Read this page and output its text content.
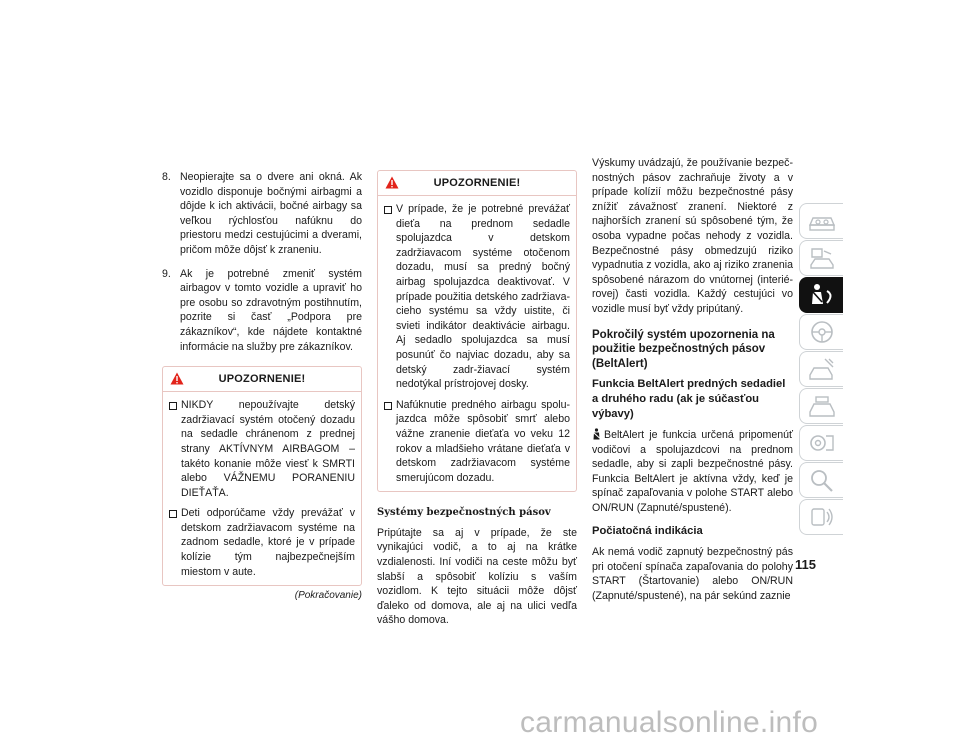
8. Neopierajte sa o dvere ani okná. Ak vozidlo disponuje bočnými airbagmi a dôjde k ich aktivácii, bočné airbagy sa veľkou rýchlosťou nafúknu do priestoru medzi cestujúcimi a dverami, pričom môže dôjsť k zraneniu.
9. Ak je potrebné zmeniť systém airbagov v tomto vozidle a upraviť ho pre osobu so zdravotným postihnutím, pozrite si časť „Podpora pre zákazníkov“, kde nájdete kontaktné informácie na služby pre zákazníkov.
UPOZORNENIE!
NIKDY nepoužívajte detský zadržiavací systém otočený dozadu na sedadle chránenom z prednej strany AKTÍVNYM AIRBAGOM – takéto konanie môže viesť k SMRTI alebo VÁŽNEMU PORANENIU DIEŤAŤA.
Deti odporúčame vždy prevážať v detskom zadržiavacom systéme na zadnom sedadle, ktoré je v prípade kolízie tým najbezpečnejším miestom v aute.
(Pokračovanie)
UPOZORNENIE!
V prípade, že je potrebné prevážať dieťa na prednom sedadle spolujazdca v detskom zadržiavacom systéme otočenom dozadu, musí sa predný bočný airbag spolujazdca deaktivovať. V prípade použitia detského zadržiava-cieho systému sa vždy uistite, či svieti indikátor deaktivácie airbagu. Aj sedadlo spolujazdca sa musí posunúť čo najviac dozadu, aby sa detský zadr-žiavací systém nedotýkal prístrojovej dosky.
Nafúknutie predného airbagu spolu-jazdca môže spôsobiť smrť alebo vážne zranenie dieťaťa vo veku 12 rokov a mladšieho vrátane dieťaťa v detskom zadržiavacom systéme smerujúcom dozadu.
Systémy bezpečnostných pásov

Pripútajte sa aj v prípade, že ste vynikajúci vodič, a to aj na krátke vzdialenosti. Iní vodiči na ceste môžu byť slabší a spôsobiť kolíziu s vaším vozidlom. K tejto situácii môže dôjsť ďaleko od domova, ale aj na ulici vedľa vášho domova.

Výskumy uvádzajú, že používanie bezpeč-nostných pásov zachraňuje životy a v prípade kolízií môžu bezpečnostné pásy znížiť závažnosť zranení. Niektoré z najhorších zranení sú spôsobené tým, že osoba vypadne počas nehody z vozidla. Bezpečnostné pásy obmedzujú riziko vypadnutia z vozidla, ako aj riziko zranenia spôsobené nárazom do vnútornej (interié-rovej) časti vozidla. Každý cestujúci vo vozidle musí byť vždy pripútaný.

Pokročilý systém upozornenia na použitie bezpečnostných pásov (BeltAlert)
Funkcia BeltAlert predných sedadiel a druhého radu (ak je súčasťou výbavy)

BeltAlert je funkcia určená pripomenúť vodičovi a spolujazdcovi na prednom sedadle, aby si zapli bezpečnostné pásy. Funkcia BeltAlert je aktívna vždy, keď je spínač zapaľovania v polohe START alebo ON/RUN (Zapnuté/spustené).

Počiatočná indikácia

Ak nemá vodič zapnutý bezpečnostný pás pri otočení spínača zapaľovania do polohy START (Štartovanie) alebo ON/RUN (Zapnuté/spustené), na pár sekúnd zaznie

115
carmanualsonline.info
